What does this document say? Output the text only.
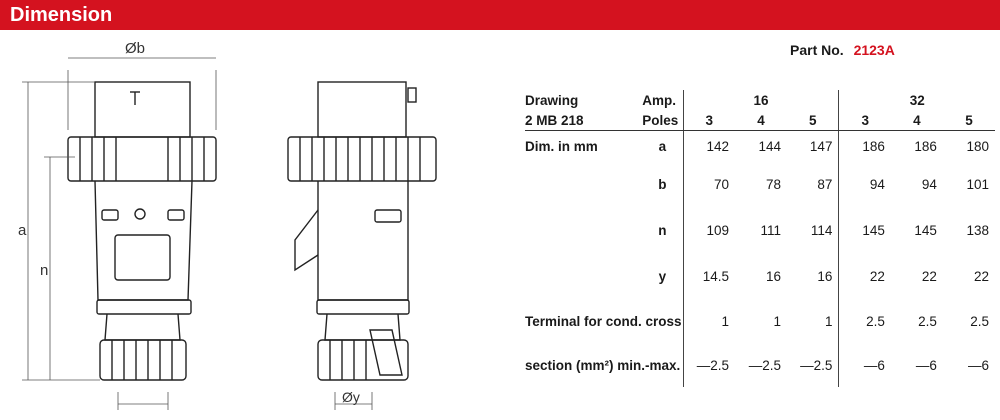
Dimension
Øb
a
n
Øy
Part No. 2123A
Drawing	Amp.	16			32		
2 MB 218	Poles	3	4	5	3	4	5
Dim. in mm	a	142	144	147	186	186	180
	b	70	78	87	94	94	101
	n	109	111	114	145	145	138
	y	14.5	16	16	22	22	22
Terminal for cond. cross		1	1	1	2.5	2.5	2.5
section (mm²) min.-max.		—2.5	—2.5	—2.5	—6	—6	—6
